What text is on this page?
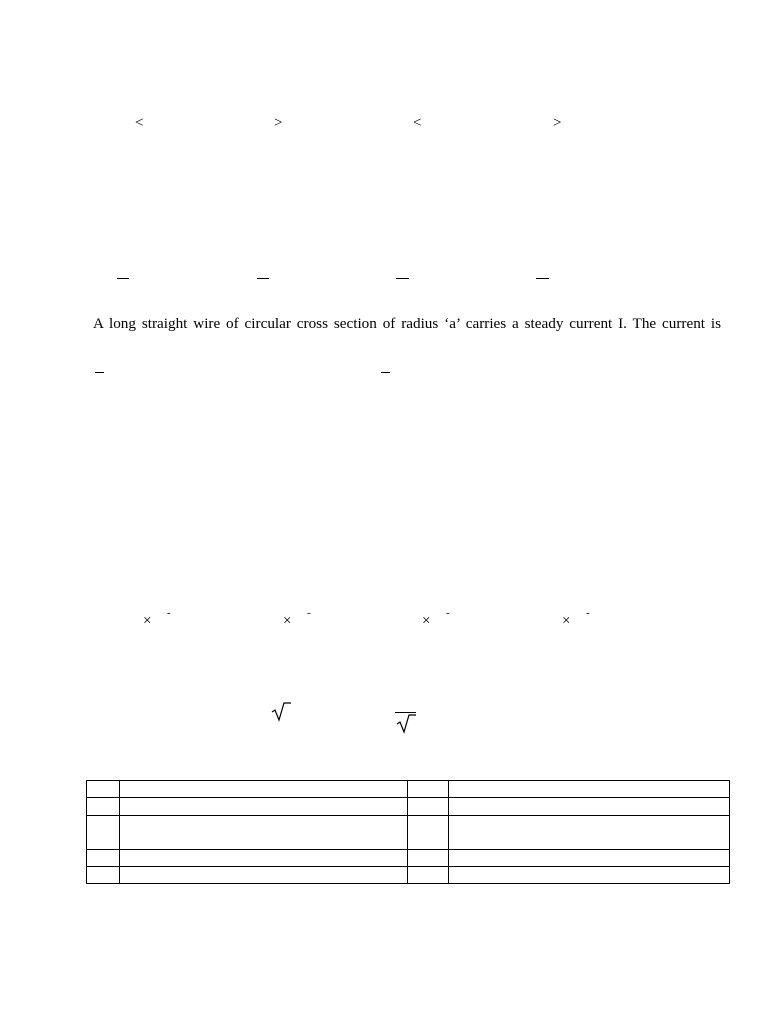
<	>	<	>
A long straight wire of circular cross section of radius ‘a’ carries a steady current I. The current is
× -	× -	× -	× -
